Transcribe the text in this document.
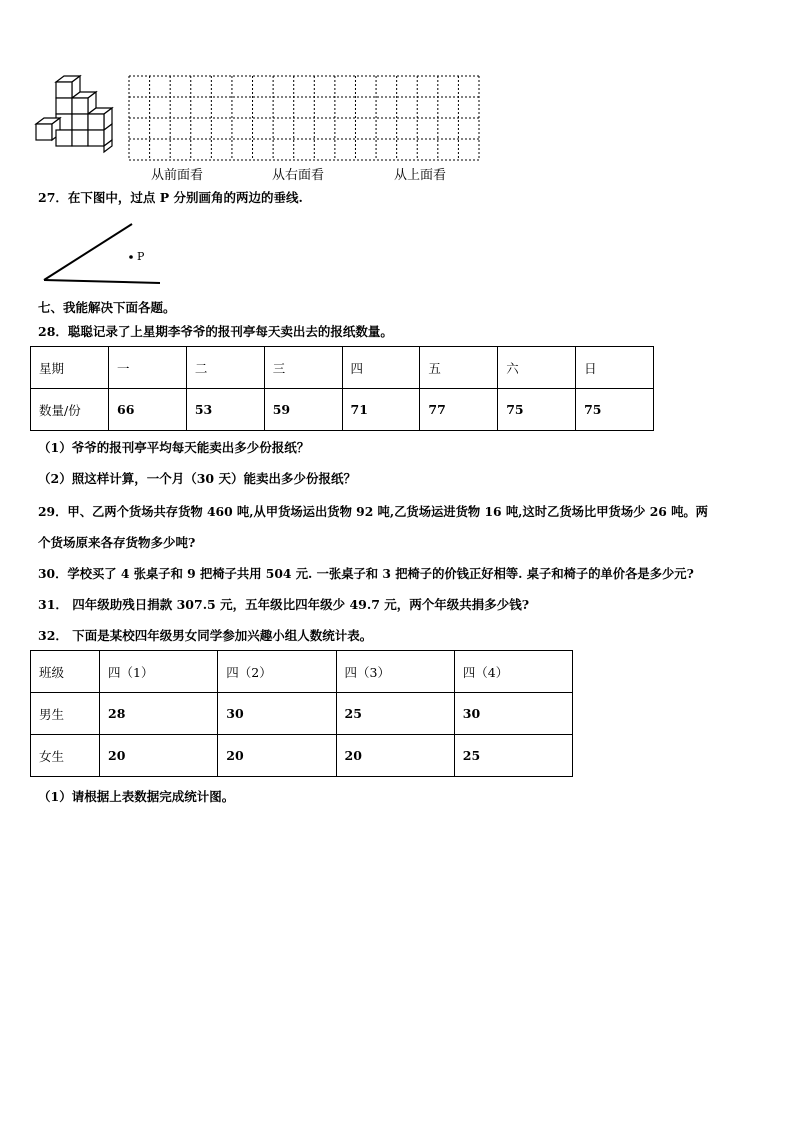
从前面看	从右面看	从上面看
27．在下图中，过点 P 分别画角的两边的垂线.
P
七、我能解决下面各题。
28．聪聪记录了上星期李爷爷的报刊亭每天卖出去的报纸数量。
星期	一	二	三	四	五	六	日
数量/份	66	53	59	71	77	75	75
（1）爷爷的报刊亭平均每天能卖出多少份报纸？
（2）照这样计算，一个月（30 天）能卖出多少份报纸？
29．甲、乙两个货场共存货物 460 吨,从甲货场运出货物 92 吨,乙货场运进货物 16 吨,这时乙货场比甲货场少 26 吨。两
个货场原来各存货物多少吨?
30．学校买了 4 张桌子和 9 把椅子共用 504 元. 一张桌子和 3 把椅子的价钱正好相等. 桌子和椅子的单价各是多少元?
31． 四年级助残日捐款 307.5 元，五年级比四年级少 49.7 元，两个年级共捐多少钱?
32． 下面是某校四年级男女同学参加兴趣小组人数统计表。
班级	四（1）	四（2）	四（3）	四（4）
男生	28	30	25	30
女生	20	20	20	25
（1）请根据上表数据完成统计图。
